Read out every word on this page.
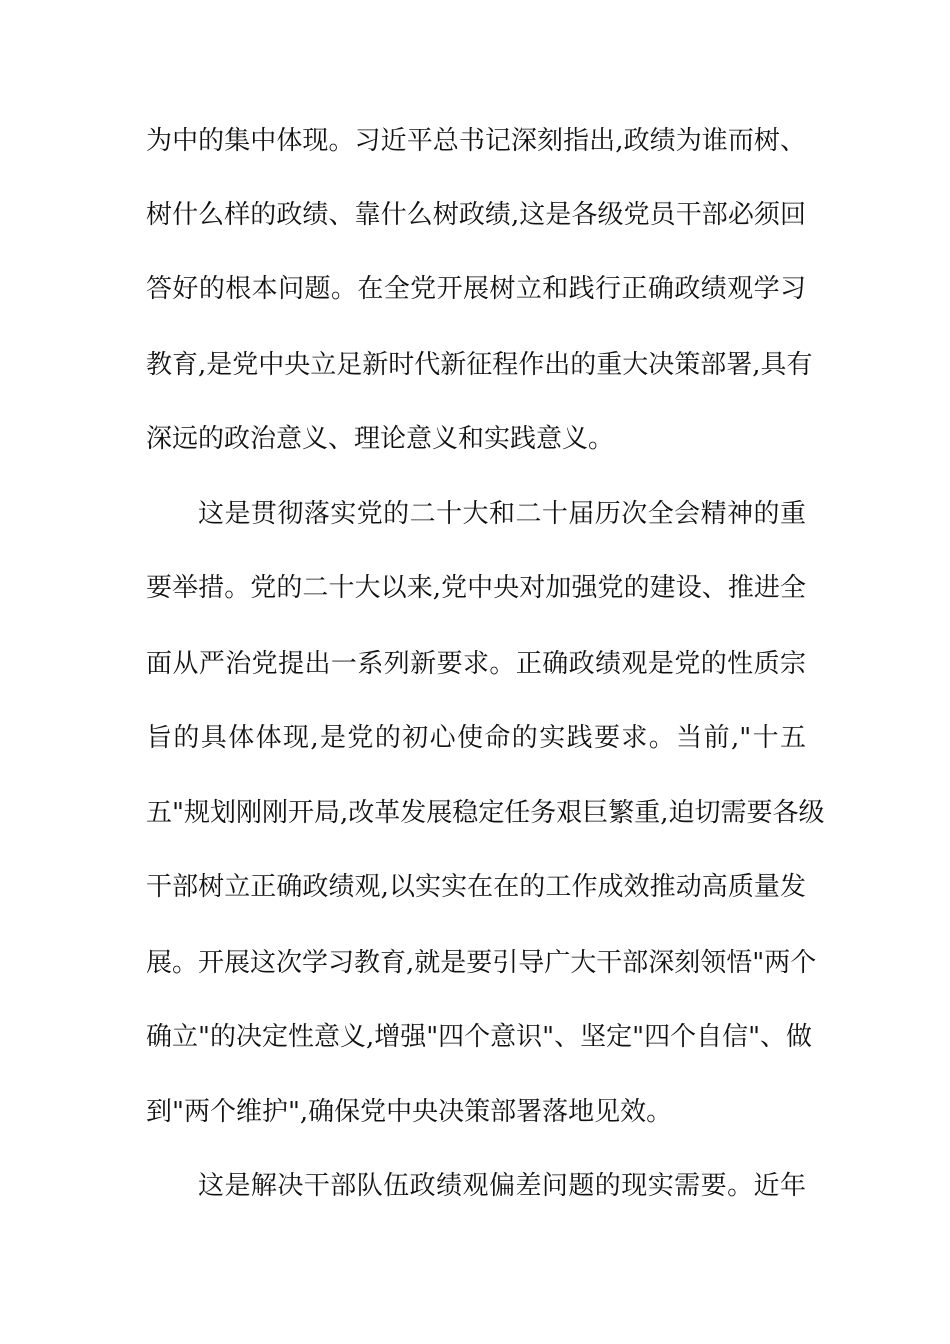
为中的集中体现。习近平总书记深刻指出,政绩为谁而树、
树什么样的政绩、靠什么树政绩,这是各级党员干部必须回
答好的根本问题。在全党开展树立和践行正确政绩观学习
教育,是党中央立足新时代新征程作出的重大决策部署,具有
深远的政治意义、理论意义和实践意义。
这是贯彻落实党的二十大和二十届历次全会精神的重
要举措。党的二十大以来,党中央对加强党的建设、推进全
面从严治党提出一系列新要求。正确政绩观是党的性质宗
旨的具体体现,是党的初心使命的实践要求。当前,"十五
五"规划刚刚开局,改革发展稳定任务艰巨繁重,迫切需要各级
干部树立正确政绩观,以实实在在的工作成效推动高质量发
展。开展这次学习教育,就是要引导广大干部深刻领悟"两个
确立"的决定性意义,增强"四个意识"、坚定"四个自信"、做
到"两个维护",确保党中央决策部署落地见效。
这是解决干部队伍政绩观偏差问题的现实需要。近年
